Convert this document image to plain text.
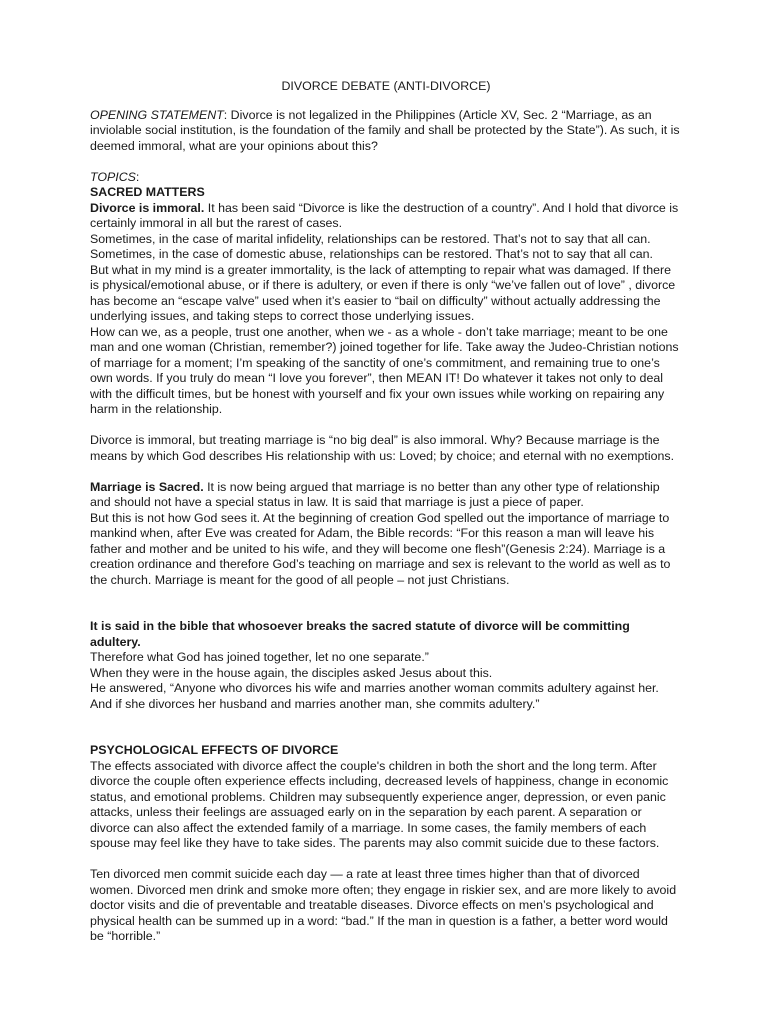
DIVORCE DEBATE (ANTI-DIVORCE)

OPENING STATEMENT: Divorce is not legalized in the Philippines (Article XV, Sec. 2 “Marriage, as an inviolable social institution, is the foundation of the family and shall be protected by the State”). As such, it is deemed immoral, what are your opinions about this?

TOPICS:

SACRED MATTERS

Divorce is immoral. It has been said “Divorce is like the destruction of a country”. And I hold that divorce is certainly immoral in all but the rarest of cases.

Sometimes, in the case of marital infidelity, relationships can be restored. That’s not to say that all can.

Sometimes, in the case of domestic abuse, relationships can be restored. That’s not to say that all can.

But what in my mind is a greater immortality, is the lack of attempting to repair what was damaged. If there is physical/emotional abuse, or if there is adultery, or even if there is only “we’ve fallen out of love” , divorce has become an “escape valve” used when it’s easier to “bail on difficulty” without actually addressing the underlying issues, and taking steps to correct those underlying issues.

How can we, as a people, trust one another, when we - as a whole - don’t take marriage; meant to be one man and one woman (Christian, remember?) joined together for life. Take away the Judeo-Christian notions of marriage for a moment; I’m speaking of the sanctity of one’s commitment, and remaining true to one’s own words. If you truly do mean “I love you forever”, then MEAN IT! Do whatever it takes not only to deal with the difficult times, but be honest with yourself and fix your own issues while working on repairing any harm in the relationship.

Divorce is immoral, but treating marriage is “no big deal” is also immoral. Why? Because marriage is the means by which God describes His relationship with us: Loved; by choice; and eternal with no exemptions.

Marriage is Sacred. It is now being argued that marriage is no better than any other type of relationship and should not have a special status in law. It is said that marriage is just a piece of paper.

But this is not how God sees it. At the beginning of creation God spelled out the importance of marriage to mankind when, after Eve was created for Adam, the Bible records: “For this reason a man will leave his father and mother and be united to his wife, and they will become one flesh”(Genesis 2:24). Marriage is a creation ordinance and therefore God’s teaching on marriage and sex is relevant to the world as well as to the church. Marriage is meant for the good of all people – not just Christians.

It is said in the bible that whosoever breaks the sacred statute of divorce will be committing adultery.

Therefore what God has joined together, let no one separate.”

When they were in the house again, the disciples asked Jesus about this.

He answered, “Anyone who divorces his wife and marries another woman commits adultery against her.

And if she divorces her husband and marries another man, she commits adultery.”

PSYCHOLOGICAL EFFECTS OF DIVORCE

The effects associated with divorce affect the couple's children in both the short and the long term. After divorce the couple often experience effects including, decreased levels of happiness, change in economic status, and emotional problems. Children may subsequently experience anger, depression, or even panic attacks, unless their feelings are assuaged early on in the separation by each parent. A separation or divorce can also affect the extended family of a marriage. In some cases, the family members of each spouse may feel like they have to take sides. The parents may also commit suicide due to these factors.

Ten divorced men commit suicide each day — a rate at least three times higher than that of divorced women. Divorced men drink and smoke more often; they engage in riskier sex, and are more likely to avoid doctor visits and die of preventable and treatable diseases. Divorce effects on men’s psychological and physical health can be summed up in a word: “bad.” If the man in question is a father, a better word would be “horrible.”
